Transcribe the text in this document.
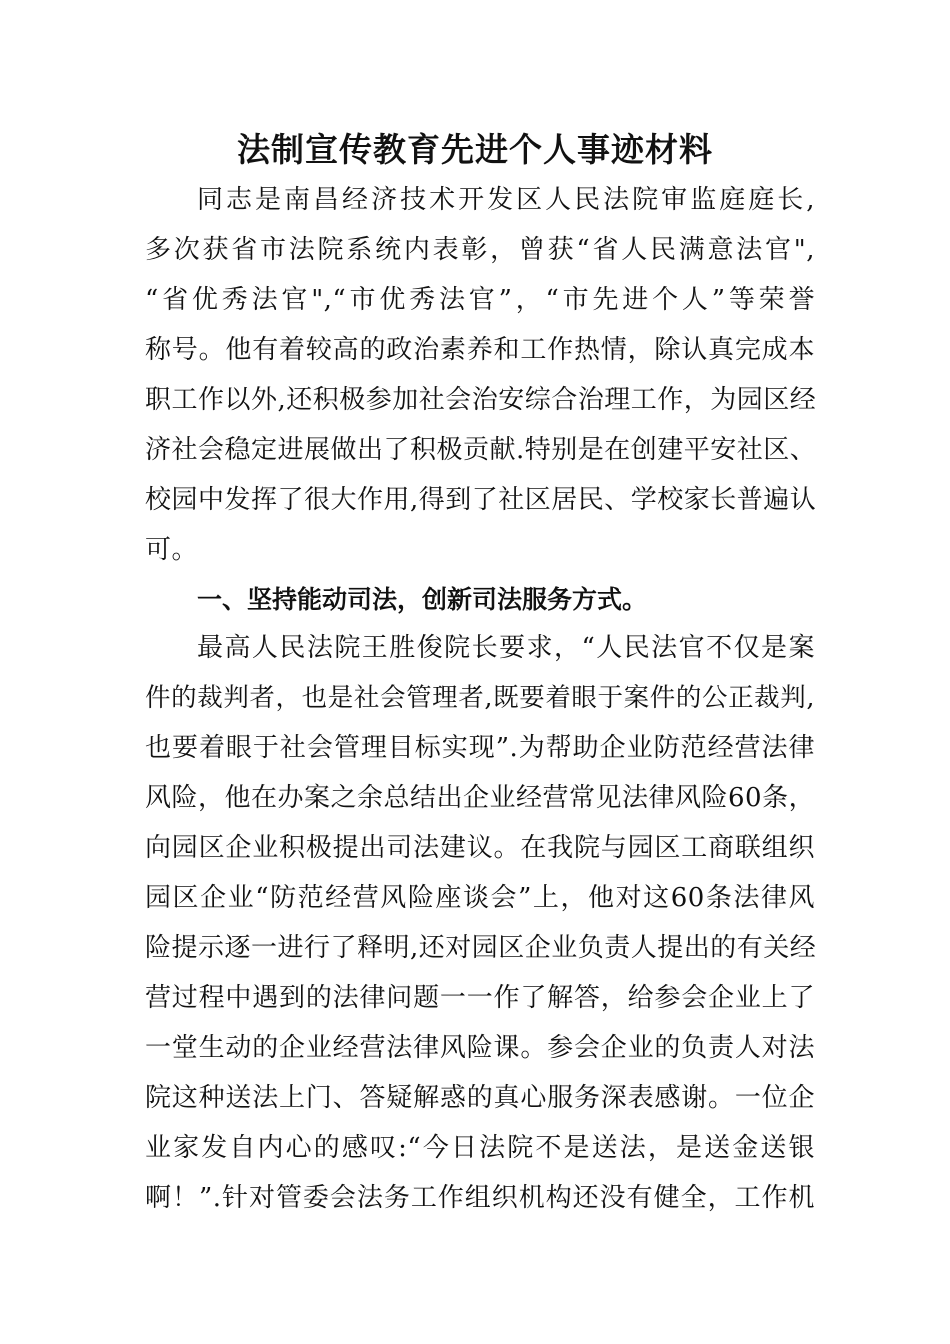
法制宣传教育先进个人事迹材料
同志是南昌经济技术开发区人民法院审监庭庭长,
多次获省市法院系统内表彰，曾获“省人民满意法官",
“省优秀法官",“市优秀法官”，“市先进个人”等荣誉
称号。他有着较高的政治素养和工作热情，除认真完成本
职工作以外,还积极参加社会治安综合治理工作，为园区经
济社会稳定进展做出了积极贡献.特别是在创建平安社区、
校园中发挥了很大作用,得到了社区居民、学校家长普遍认
可。
一、坚持能动司法，创新司法服务方式。
最高人民法院王胜俊院长要求，“人民法官不仅是案
件的裁判者，也是社会管理者,既要着眼于案件的公正裁判,
也要着眼于社会管理目标实现”.为帮助企业防范经营法律
风险，他在办案之余总结出企业经营常见法律风险60条，
向园区企业积极提出司法建议。在我院与园区工商联组织
园区企业“防范经营风险座谈会”上，他对这60条法律风
险提示逐一进行了释明,还对园区企业负责人提出的有关经
营过程中遇到的法律问题一一作了解答，给参会企业上了
一堂生动的企业经营法律风险课。参会企业的负责人对法
院这种送法上门、答疑解惑的真心服务深表感谢。一位企
业家发自内心的感叹:“今日法院不是送法，是送金送银
啊！”.针对管委会法务工作组织机构还没有健全，工作机
